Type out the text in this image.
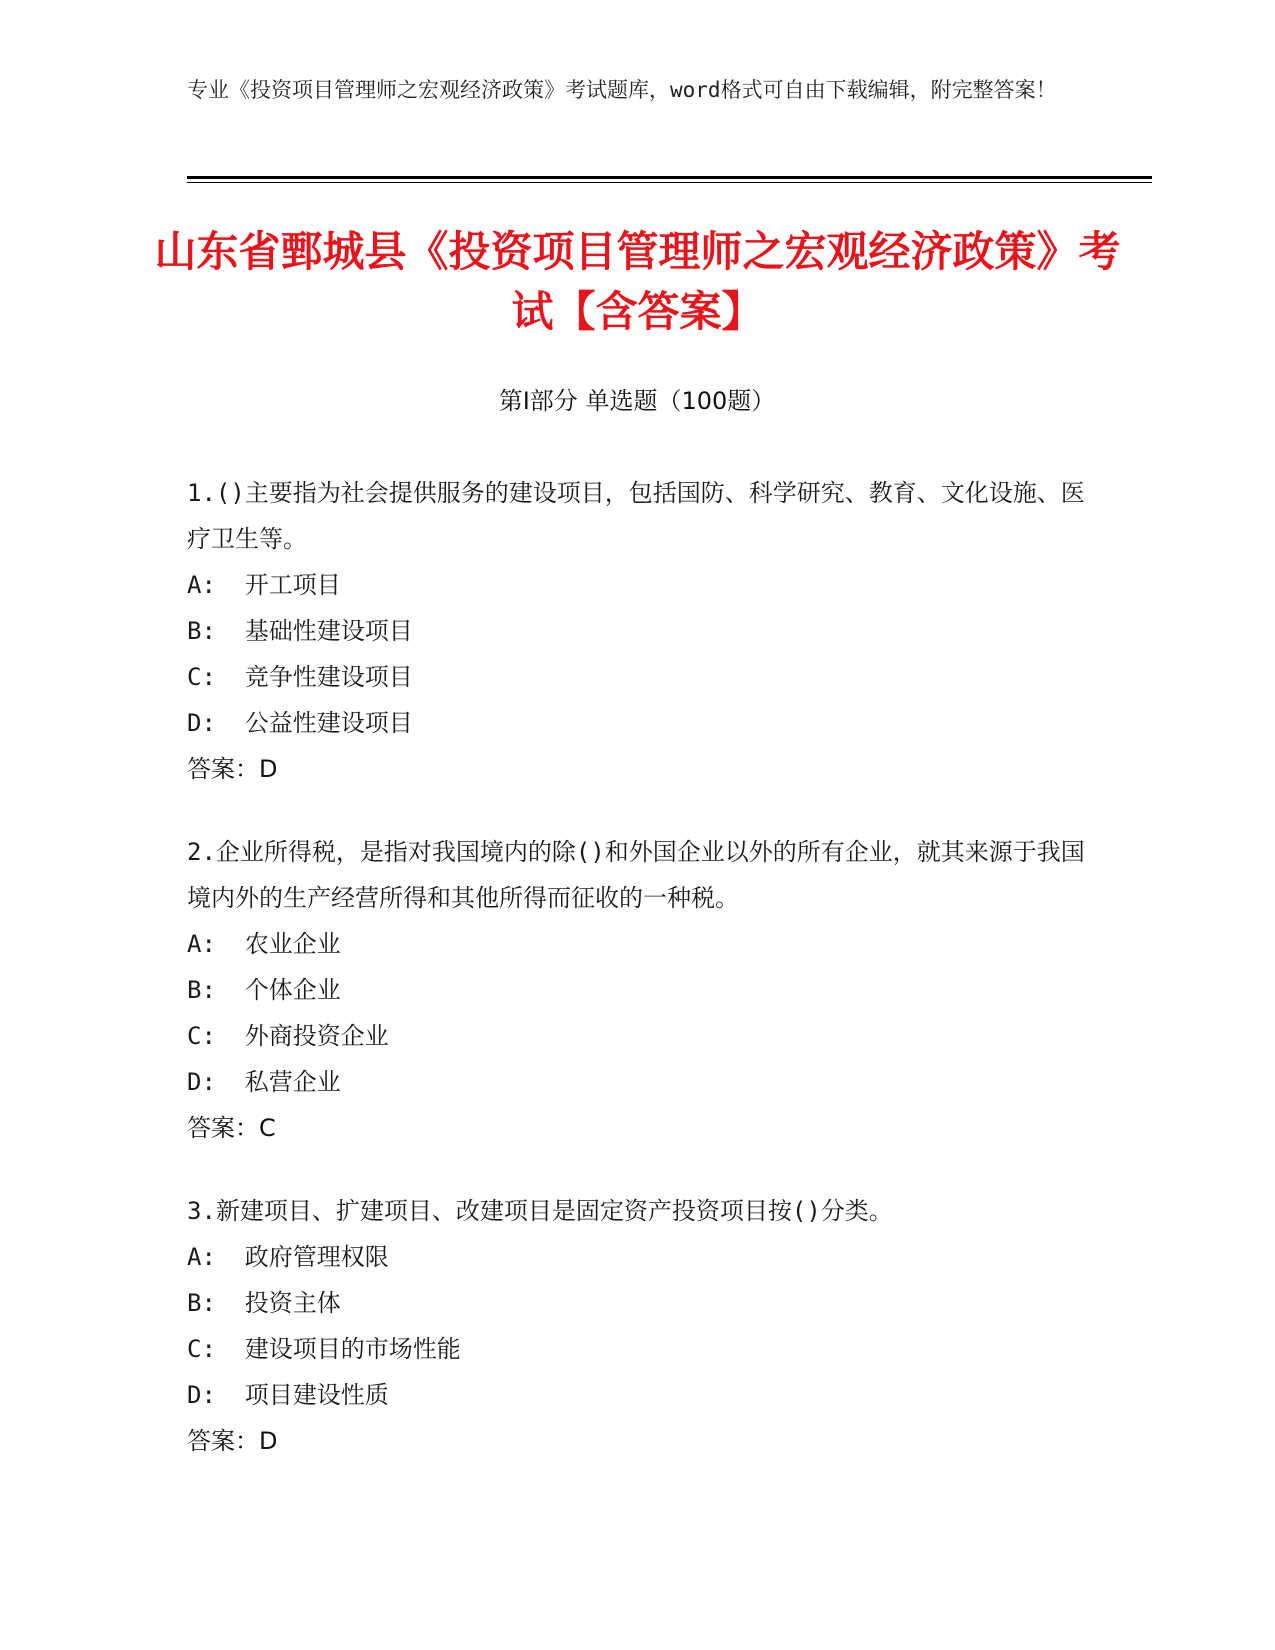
专业《投资项目管理师之宏观经济政策》考试题库，word格式可自由下载编辑，附完整答案！
山东省鄄城县《投资项目管理师之宏观经济政策》考试【含答案】
第I部分 单选题（100题）

1.()主要指为社会提供服务的建设项目，包括国防、科学研究、教育、文化设施、医疗卫生等。

A:  开工项目

B:  基础性建设项目

C:  竞争性建设项目

D:  公益性建设项目

答案：D

2.企业所得税，是指对我国境内的除()和外国企业以外的所有企业，就其来源于我国境内外的生产经营所得和其他所得而征收的一种税。

A:  农业企业

B:  个体企业

C:  外商投资企业

D:  私营企业

答案：C

3.新建项目、扩建项目、改建项目是固定资产投资项目按()分类。

A:  政府管理权限

B:  投资主体

C:  建设项目的市场性能

D:  项目建设性质

答案：D
